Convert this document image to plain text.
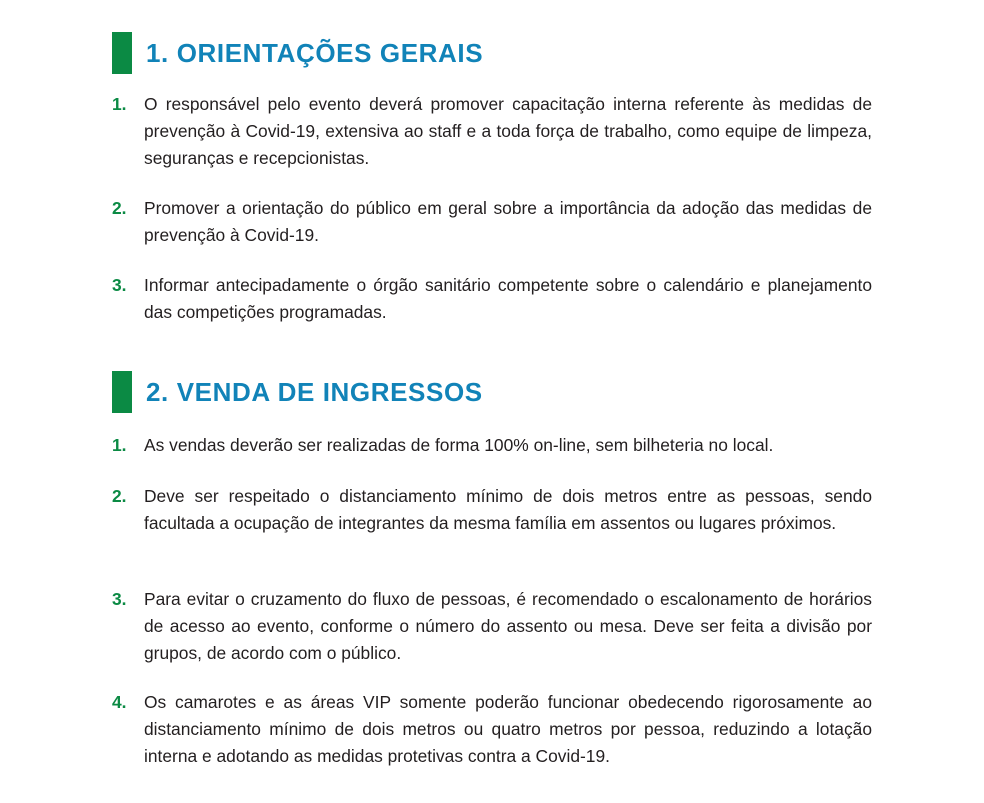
1. ORIENTAÇÕES GERAIS
1.	O responsável pelo evento deverá promover capacitação interna referente às medidas de prevenção à Covid-19, extensiva ao staff e a toda força de trabalho, como equipe de limpeza, seguranças e recepcionistas.
2.	Promover a orientação do público em geral sobre a importância da adoção das medidas de prevenção à Covid-19.
3.	Informar antecipadamente o órgão sanitário competente sobre o calendário e planejamento das competições programadas.
2. VENDA DE INGRESSOS
1.	As vendas deverão ser realizadas de forma 100% on-line, sem bilheteria no local.
2.	Deve ser respeitado o distanciamento mínimo de dois metros entre as pessoas, sendo facultada a ocupação de integrantes da mesma família em assentos ou lugares próximos.
3.	Para evitar o cruzamento do fluxo de pessoas, é recomendado o escalonamento de horários de acesso ao evento, conforme o número do assento ou mesa. Deve ser feita a divisão por grupos, de acordo com o público.
4.	Os camarotes e as áreas VIP somente poderão funcionar obedecendo rigorosamente ao distanciamento mínimo de dois metros ou quatro metros por pessoa, reduzindo a lotação interna e adotando as medidas protetivas contra a Covid-19.
